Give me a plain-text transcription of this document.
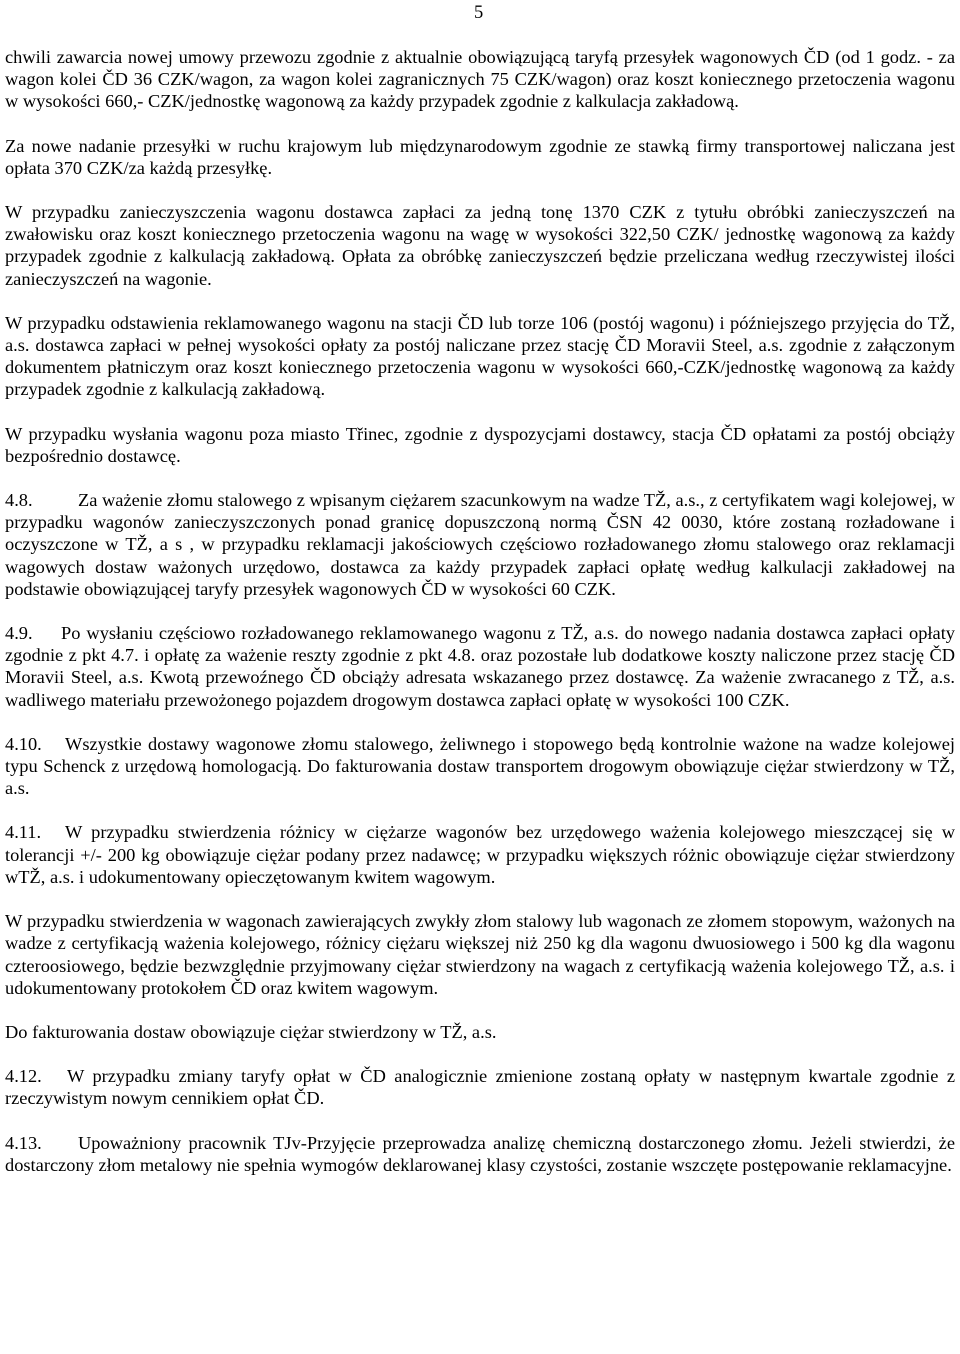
5

chwili zawarcia nowej umowy przewozu zgodnie z aktualnie obowiązującą taryfą przesyłek wagonowych ČD (od 1 godz. - za wagon kolei ČD 36 CZK/wagon, za wagon kolei zagranicznych 75 CZK/wagon) oraz koszt koniecznego przetoczenia wagonu w wysokości 660,- CZK/jednostkę wagonową za każdy przypadek zgodnie z kalkulacja zakładową.

Za nowe nadanie przesyłki w ruchu krajowym lub międzynarodowym zgodnie ze stawką firmy transportowej naliczana jest opłata 370 CZK/za każdą przesyłkę.

W przypadku zanieczyszczenia wagonu dostawca zapłaci za jedną tonę 1370 CZK z tytułu obróbki zanieczyszczeń na zwałowisku oraz koszt koniecznego przetoczenia wagonu na wagę w wysokości 322,50 CZK/ jednostkę wagonową za każdy przypadek zgodnie z kalkulacją zakładową. Opłata za obróbkę zanieczyszczeń będzie przeliczana według rzeczywistej ilości zanieczyszczeń na wagonie.

W przypadku odstawienia reklamowanego wagonu na stacji ČD lub torze 106 (postój wagonu) i późniejszego przyjęcia do TŽ, a.s. dostawca zapłaci w pełnej wysokości opłaty za postój naliczane przez stację ČD Moravii Steel, a.s. zgodnie z załączonym dokumentem płatniczym oraz koszt koniecznego przetoczenia wagonu w wysokości 660,-CZK/jednostkę wagonową za każdy przypadek zgodnie z kalkulacją zakładową.

W przypadku wysłania wagonu poza miasto Třinec, zgodnie z dyspozycjami dostawcy, stacja ČD opłatami za postój obciąży bezpośrednio dostawcę.

4.8. Za ważenie złomu stalowego z wpisanym ciężarem szacunkowym na wadze TŽ, a.s., z certyfikatem wagi kolejowej, w przypadku wagonów zanieczyszczonych ponad granicę dopuszczoną normą ČSN 42 0030, które zostaną rozładowane i oczyszczone w TŽ, a s , w przypadku reklamacji jakościowych częściowo rozładowanego złomu stalowego oraz reklamacji wagowych dostaw ważonych urzędowo, dostawca za każdy przypadek zapłaci opłatę według kalkulacji zakładowej na podstawie obowiązującej taryfy przesyłek wagonowych ČD w wysokości 60 CZK.

4.9. Po wysłaniu częściowo rozładowanego reklamowanego wagonu z TŽ, a.s. do nowego nadania dostawca zapłaci opłaty zgodnie z pkt 4.7. i opłatę za ważenie reszty zgodnie z pkt 4.8. oraz pozostałe lub dodatkowe koszty naliczone przez stację ČD Moravii Steel, a.s. Kwotą przewoźnego ČD obciąży adresata wskazanego przez dostawcę. Za ważenie zwracanego z TŽ, a.s. wadliwego materiału przewożonego pojazdem drogowym dostawca zapłaci opłatę w wysokości 100 CZK.

4.10. Wszystkie dostawy wagonowe złomu stalowego, żeliwnego i stopowego będą kontrolnie ważone na wadze kolejowej typu Schenck z urzędową homologacją. Do fakturowania dostaw transportem drogowym obowiązuje ciężar stwierdzony w TŽ, a.s.

4.11. W przypadku stwierdzenia różnicy w ciężarze wagonów bez urzędowego ważenia kolejowego mieszczącej się w tolerancji +/- 200 kg obowiązuje ciężar podany przez nadawcę; w przypadku większych różnic obowiązuje ciężar stwierdzony wTŽ, a.s. i udokumentowany opieczętowanym kwitem wagowym.

W przypadku stwierdzenia w wagonach zawierających zwykły złom stalowy lub wagonach ze złomem stopowym, ważonych na wadze z certyfikacją ważenia kolejowego, różnicy ciężaru większej niż 250 kg dla wagonu dwuosiowego i 500 kg dla wagonu czteroosiowego, będzie bezwzględnie przyjmowany ciężar stwierdzony na wagach z certyfikacją ważenia kolejowego TŽ, a.s. i udokumentowany protokołem ČD oraz kwitem wagowym.

Do fakturowania dostaw obowiązuje ciężar stwierdzony w TŽ, a.s.

4.12. W przypadku zmiany taryfy opłat w ČD analogicznie zmienione zostaną opłaty w następnym kwartale zgodnie z rzeczywistym nowym cennikiem opłat ČD.

4.13. Upoważniony pracownik TJv-Przyjęcie przeprowadza analizę chemiczną dostarczonego złomu. Jeżeli stwierdzi, że dostarczony złom metalowy nie spełnia wymogów deklarowanej klasy czystości, zostanie wszczęte postępowanie reklamacyjne.
